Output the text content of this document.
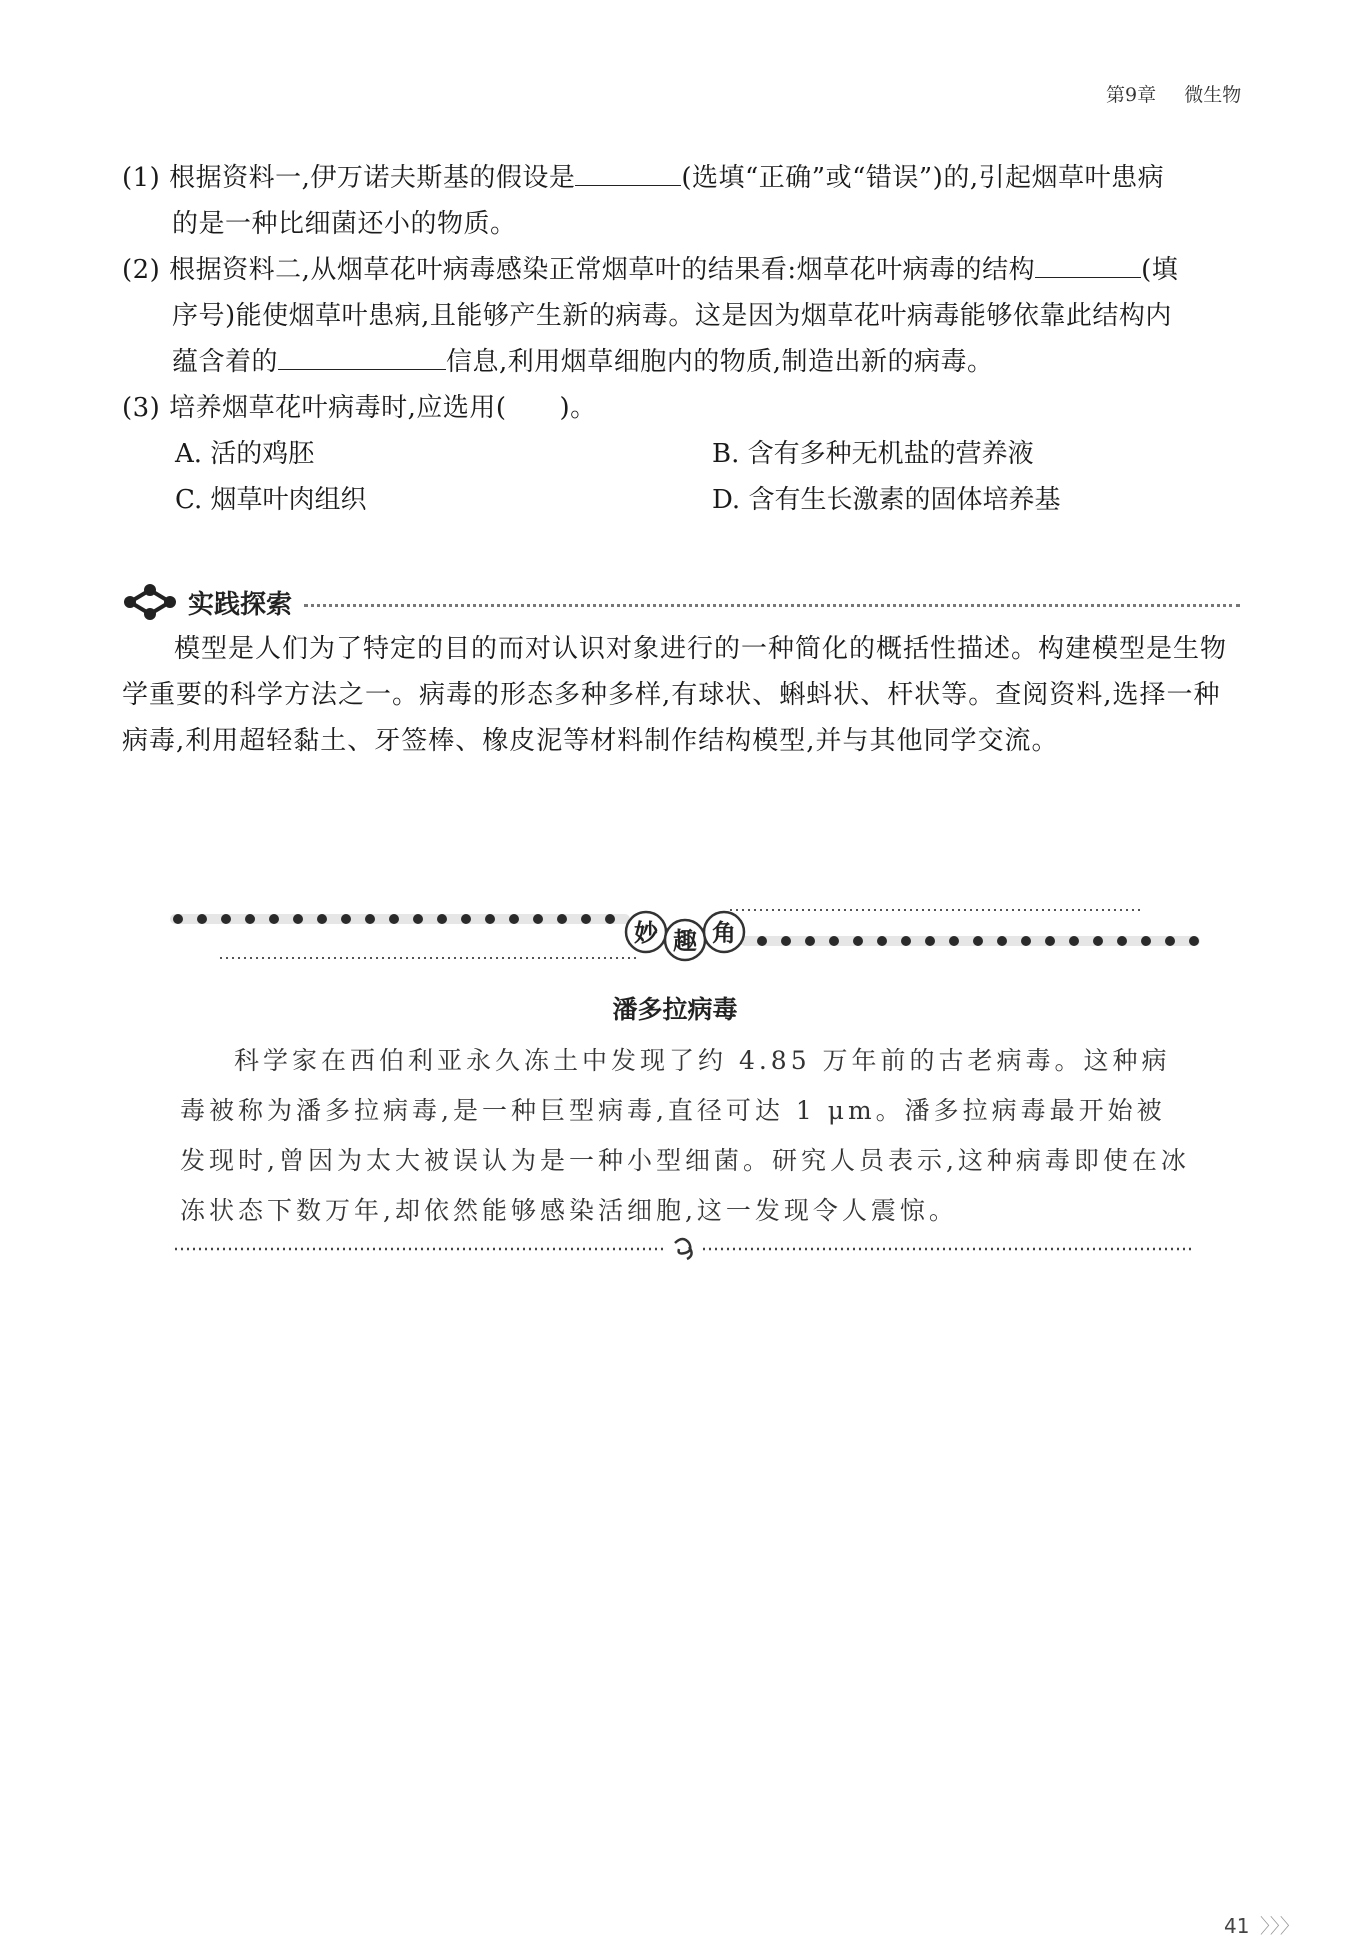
第9章 微生物
(1) 根据资料一,伊万诺夫斯基的假设是	(选填“正确”或“错误”)的,引起烟草叶患病
的是一种比细菌还小的物质。
(2) 根据资料二,从烟草花叶病毒感染正常烟草叶的结果看:烟草花叶病毒的结构	(填
序号)能使烟草叶患病,且能够产生新的病毒。这是因为烟草花叶病毒能够依靠此结构内
蕴含着的	信息,利用烟草细胞内的物质,制造出新的病毒。
(3) 培养烟草花叶病毒时,应选用(　　)。
A. 活的鸡胚	B. 含有多种无机盐的营养液
C. 烟草叶肉组织	D. 含有生长激素的固体培养基
实践探索
模型是人们为了特定的目的而对认识对象进行的一种简化的概括性描述。构建模型是生物学重要的科学方法之一。病毒的形态多种多样,有球状、蝌蚪状、杆状等。查阅资料,选择一种病毒,利用超轻黏土、牙签棒、橡皮泥等材料制作结构模型,并与其他同学交流。
妙 趣 角
潘多拉病毒
科学家在西伯利亚永久冻土中发现了约 4.85 万年前的古老病毒。这种病毒被称为潘多拉病毒,是一种巨型病毒,直径可达 1 μm。潘多拉病毒最开始被发现时,曾因为太大被误认为是一种小型细菌。研究人员表示,这种病毒即使在冰冻状态下数万年,却依然能够感染活细胞,这一发现令人震惊。
41 〉〉〉
